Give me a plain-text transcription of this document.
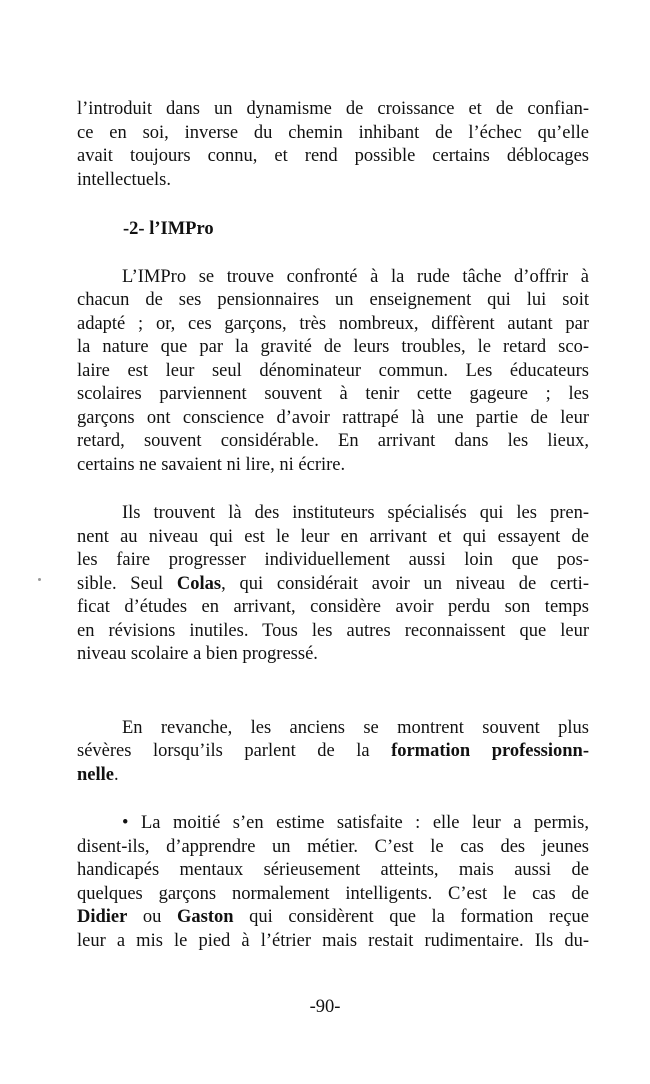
l’introduit dans un dynamisme de croissance et de confian-
ce en soi, inverse du chemin inhibant de l’échec qu’elle
avait toujours connu, et rend possible certains déblocages
intellectuels.
-2- l’IMPro
L’IMPro se trouve confronté à la rude tâche d’offrir à
chacun de ses pensionnaires un enseignement qui lui soit
adapté ; or, ces garçons, très nombreux, diffèrent autant par
la nature que par la gravité de leurs troubles, le retard sco-
laire est leur seul dénominateur commun. Les éducateurs
scolaires parviennent souvent à tenir cette gageure ; les
garçons ont conscience d’avoir rattrapé là une partie de leur
retard, souvent considérable. En arrivant dans les lieux,
certains ne savaient ni lire, ni écrire.
Ils trouvent là des instituteurs spécialisés qui les pren-
nent au niveau qui est le leur en arrivant et qui essayent de
les faire progresser individuellement aussi loin que pos-
sible. Seul Colas, qui considérait avoir un niveau de certi-
ficat d’études en arrivant, considère avoir perdu son temps
en révisions inutiles. Tous les autres reconnaissent que leur
niveau scolaire a bien progressé.
En revanche, les anciens se montrent souvent plus
sévères lorsqu’ils parlent de la formation professionn-
nelle.
• La moitié s’en estime satisfaite : elle leur a permis,
disent-ils, d’apprendre un métier. C’est le cas des jeunes
handicapés mentaux sérieusement atteints, mais aussi de
quelques garçons normalement intelligents. C’est le cas de
Didier ou Gaston qui considèrent que la formation reçue
leur a mis le pied à l’étrier mais restait rudimentaire. Ils du-
-90-
